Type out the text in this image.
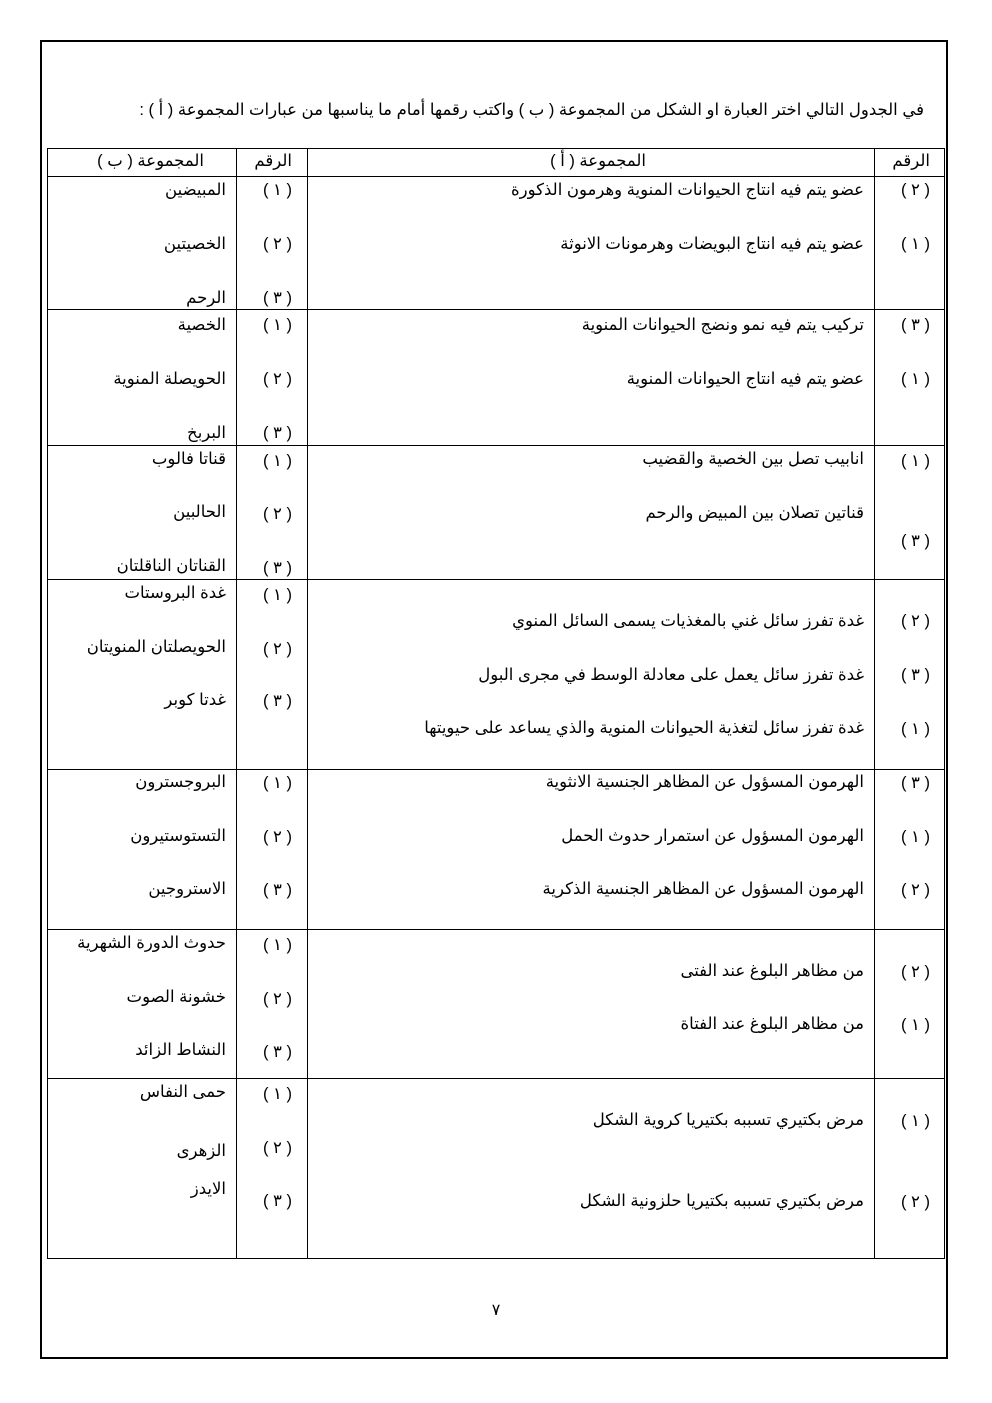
في الجدول التالي اختر العبارة او الشكل من المجموعة ( ب ) واكتب رقمها أمام ما يناسبها من عبارات المجموعة ( أ ) :
الرقم
المجموعة ( أ )
الرقم
المجموعة ( ب )
( ٢ )
عضو يتم فيه انتاج الحيوانات المنوية وهرمون الذكورة
( ١ )
عضو يتم فيه انتاج البويضات وهرمونات الانوثة
( ١ )
المبيضين
( ٢ )
الخصيتين
( ٣ )
الرحم
( ٣ )
تركيب يتم فيه نمو ونضج الحيوانات المنوية
( ١ )
عضو يتم فيه انتاج الحيوانات المنوية
( ١ )
الخصية
( ٢ )
الحويصلة المنوية
( ٣ )
البربخ
( ١ )
انابيب تصل بين الخصية والقضيب
( ٣ )
قناتين تصلان بين المبيض والرحم
( ١ )
قناتا فالوب
( ٢ )
الحالبين
( ٣ )
القناتان الناقلتان
( ٢ )
غدة تفرز سائل غني بالمغذيات يسمى السائل المنوي
( ٣ )
غدة تفرز سائل يعمل على معادلة الوسط في مجرى البول
( ١ )
غدة تفرز سائل لتغذية الحيوانات المنوية والذي يساعد على حيويتها
( ١ )
غدة البروستات
( ٢ )
الحويصلتان المنويتان
( ٣ )
غدتا كوبر
( ٣ )
الهرمون المسؤول عن المظاهر الجنسية الانثوية
( ١ )
الهرمون المسؤول عن استمرار حدوث الحمل
( ٢ )
الهرمون المسؤول عن المظاهر الجنسية الذكرية
( ١ )
البروجسترون
( ٢ )
التستوستيرون
( ٣ )
الاستروجين
( ٢ )
من مظاهر البلوغ عند الفتى
( ١ )
من مظاهر البلوغ عند الفتاة
( ١ )
حدوث الدورة الشهرية
( ٢ )
خشونة الصوت
( ٣ )
النشاط الزائد
( ١ )
مرض بكتيري تسببه بكتيريا كروية الشكل
( ٢ )
مرض بكتيري تسببه بكتيريا حلزونية الشكل
( ١ )
حمى النفاس
( ٢ )
الزهرى
( ٣ )
الايدز
٧
